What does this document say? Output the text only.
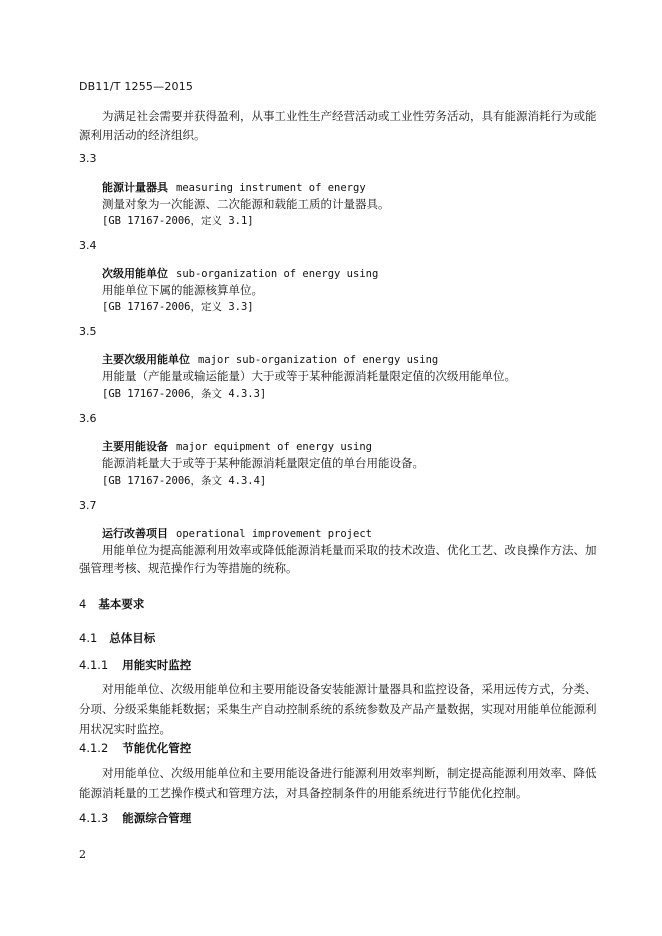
DB11/T 1255—2015
为满足社会需要并获得盈利，从事工业性生产经营活动或工业性劳务活动，具有能源消耗行为或能
源利用活动的经济组织。
3.3
能源计量器具 measuring instrument of energy
测量对象为一次能源、二次能源和载能工质的计量器具。
[GB 17167-2006，定义 3.1]
3.4
次级用能单位 sub-organization of energy using
用能单位下属的能源核算单位。
[GB 17167-2006，定义 3.3]
3.5
主要次级用能单位 major sub-organization of energy using
用能量（产能量或输运能量）大于或等于某种能源消耗量限定值的次级用能单位。
[GB 17167-2006，条文 4.3.3]
3.6
主要用能设备 major equipment of energy using
能源消耗量大于或等于某种能源消耗量限定值的单台用能设备。
[GB 17167-2006，条文 4.3.4]
3.7
运行改善项目 operational improvement project
用能单位为提高能源利用效率或降低能源消耗量而采取的技术改造、优化工艺、改良操作方法、加
强管理考核、规范操作行为等措施的统称。
4 基本要求
4.1 总体目标
4.1.1 用能实时监控
对用能单位、次级用能单位和主要用能设备安装能源计量器具和监控设备，采用远传方式，分类、分项、分级采集能耗数据；采集生产自动控制系统的系统参数及产品产量数据，实现对用能单位能源利用状况实时监控。
4.1.2 节能优化管控
对用能单位、次级用能单位和主要用能设备进行能源利用效率判断，制定提高能源利用效率、降低能源消耗量的工艺操作模式和管理方法，对具备控制条件的用能系统进行节能优化控制。
4.1.3 能源综合管理
2
